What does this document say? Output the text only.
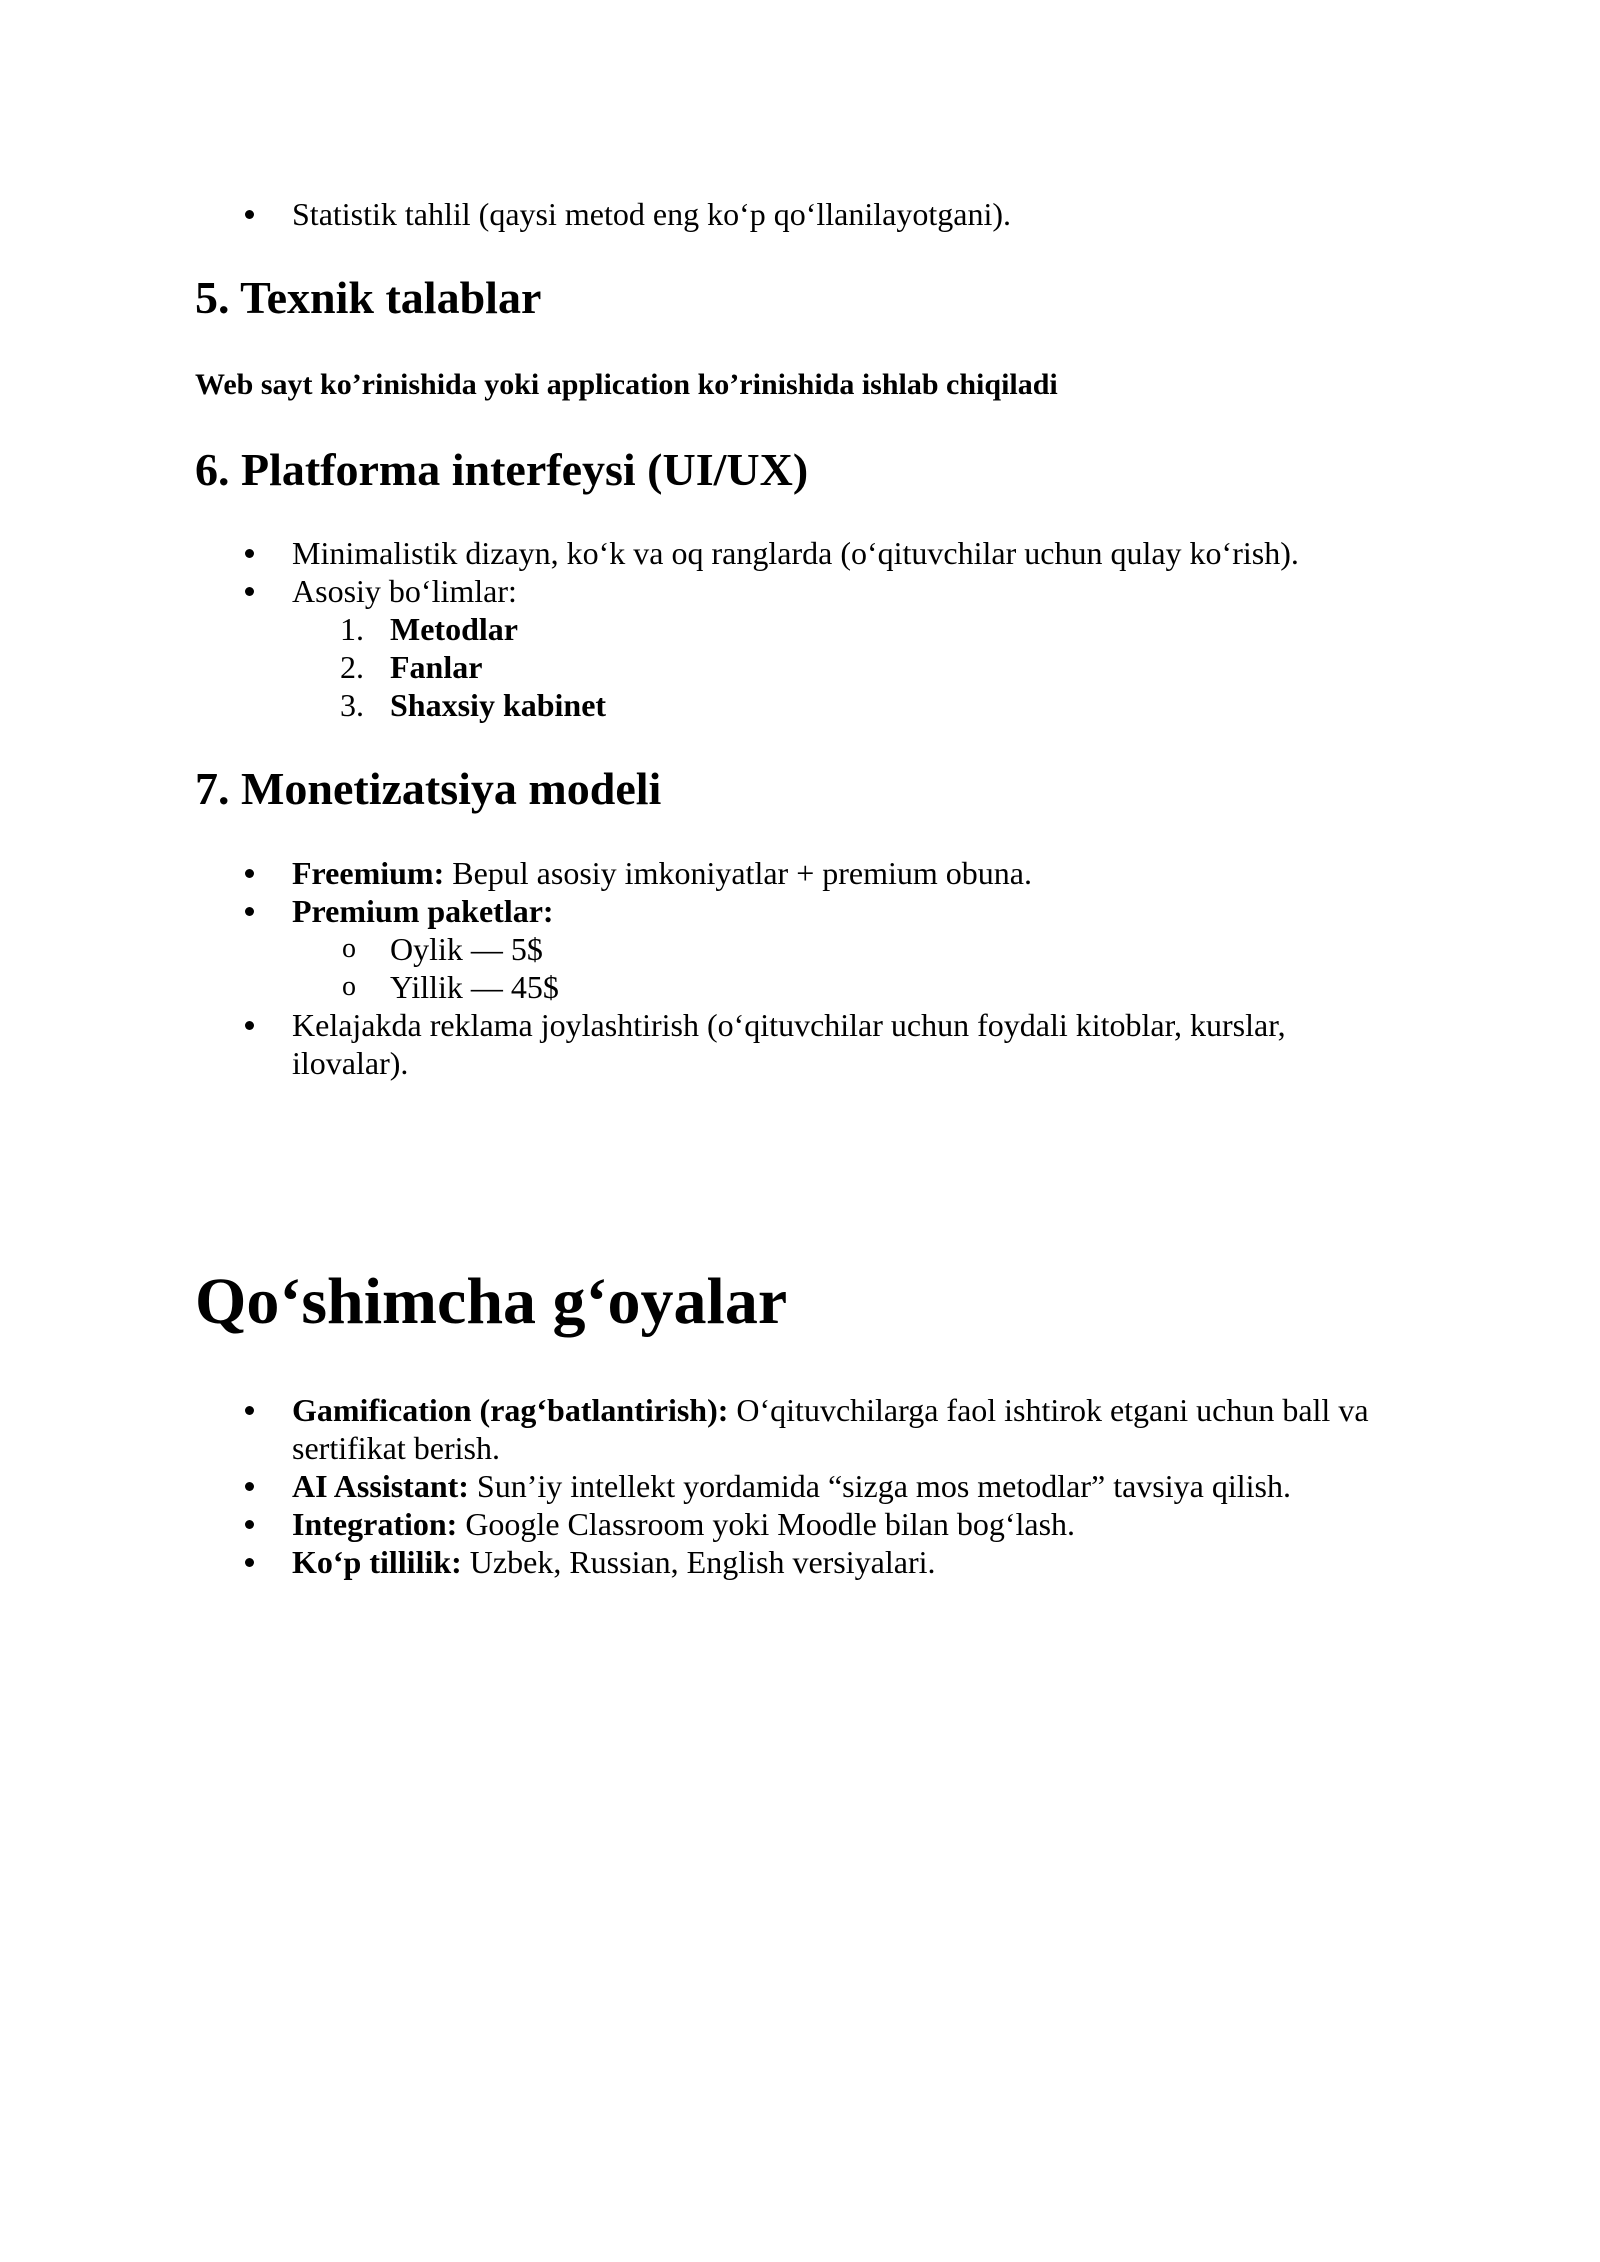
Statistik tahlil (qaysi metod eng ko‘p qo‘llanilayotgani).
5. Texnik talablar
Web sayt ko’rinishida yoki application ko’rinishida ishlab chiqiladi
6. Platforma interfeysi (UI/UX)
Minimalistik dizayn, ko‘k va oq ranglarda (o‘qituvchilar uchun qulay ko‘rish).
Asosiy bo‘limlar:
1. Metodlar
2. Fanlar
3. Shaxsiy kabinet
7. Monetizatsiya modeli
Freemium: Bepul asosiy imkoniyatlar + premium obuna.
Premium paketlar:
o Oylik — 5$
o Yillik — 45$
Kelajakda reklama joylashtirish (o‘qituvchilar uchun foydali kitoblar, kurslar,
ilovalar).
Qo‘shimcha g‘oyalar
Gamification (rag‘batlantirish): O‘qituvchilarga faol ishtirok etgani uchun ball va
sertifikat berish.
AI Assistant: Sun’iy intellekt yordamida “sizga mos metodlar” tavsiya qilish.
Integration: Google Classroom yoki Moodle bilan bog‘lash.
Ko‘p tillilik: Uzbek, Russian, English versiyalari.
